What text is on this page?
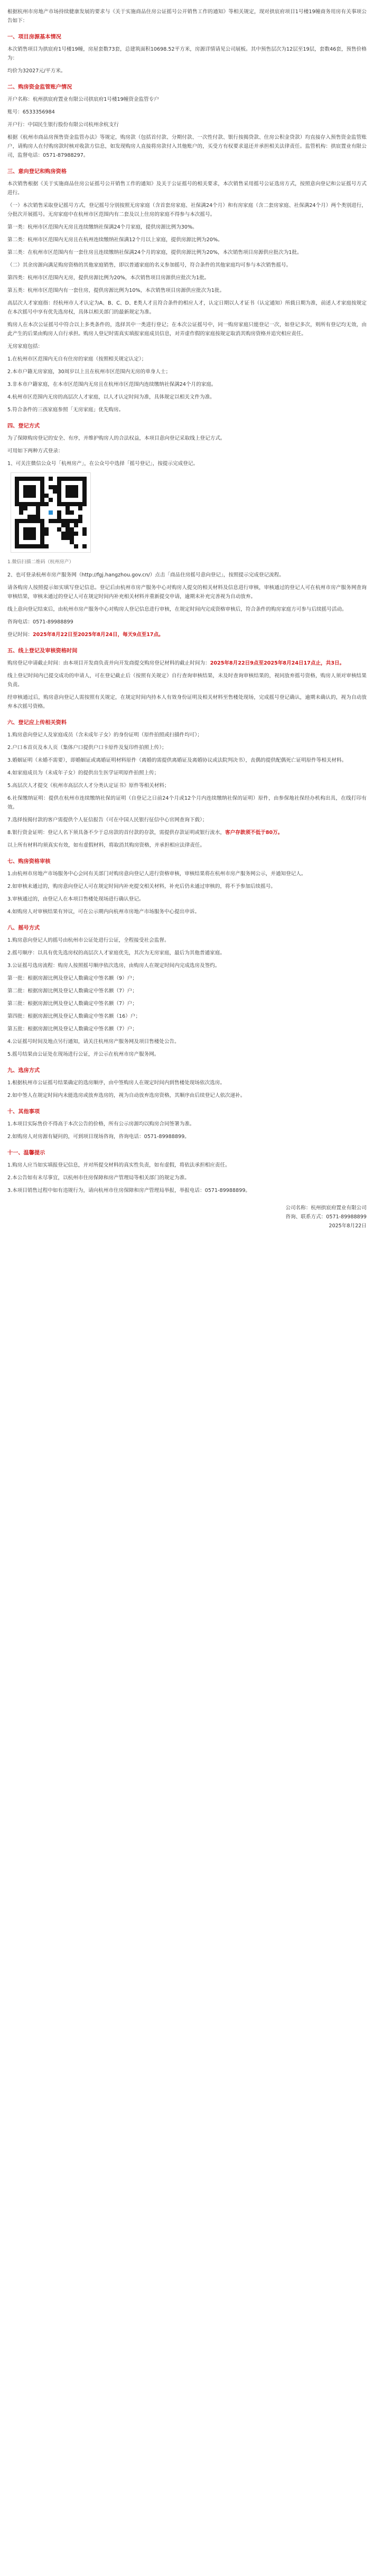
根据杭州市房地产市场持续健康发展的要求与《关于实施商品住房公证摇号公开销售工作的通知》等相关规定，现对拱宸府项目1号楼19幢商务用房有关事项公告如下：

一、项目房源基本情况

本次销售项目为拱宸府1号楼19幢，房屋套数73套，总建筑面积10698.52平方米，房源详情请见公司展板。其中预售层次为12层至19层，套数46套，预售价格为：

均价为32027元/平方米。

二、购房资金监管账户情况

开户名称：杭州拱宸府置业有限公司拱宸府1号楼19幢资金监管专户

账号：6533356984

开户行：中国民生银行股份有限公司杭州余杭支行

根据《杭州市商品房预售资金监管办法》等规定，购房款（包括首付款、分期付款、一次性付款、银行按揭贷款、住房公积金贷款）均直接存入预售资金监管账户，请购房人在付购房款时核对收款方信息，如发现购房人直接将房款付入其他账户的，买受方有权要求退还并承担相关法律责任。监管机构：拱宸置业有限公司，监督电话：0571-87988297。

三、意向登记和购房资格

本次销售根据《关于实施商品住房公证摇号公开销售工作的通知》及关于公证摇号的相关要求，本次销售采用摇号公证选房方式，按照意向登记和公证摇号方式进行。

（一）本次销售采取登记摇号方式，登记摇号分别按照无房家庭（含首套房家庭、社保满24个月）和有房家庭（含二套房家庭、社保满24个月）两个类别进行，分批次开展摇号。无房家庭中在杭州市区范围内有二套及以上住房的家庭不得参与本次摇号。

第一类：杭州市区范围内无房且连续缴纳社保满24个月家庭，提供房源比例为30%。

第二类：杭州市区范围内无房且在杭州连续缴纳社保满12个月以上家庭，提供房源比例为20%。

第三类：在杭州市区范围内有一套住房且连续缴纳社保满24个月的家庭，提供房源比例为20%，本次销售项目房源供应批次为1批。

（二）其余房源向满足购房资格的其他家庭销售，即以普通家庭的名义参加摇号，符合条件的其他家庭均可参与本次销售摇号。

第四类：杭州市区范围内无房，提供房源比例为20%，本次销售项目房源供应批次为1批。

第五类：杭州市区范围内有一套住房，提供房源比例为10%，本次销售项目房源供应批次为1批。

高层次人才家庭指：经杭州市人才认定为A、B、C、D、E类人才且符合条件的相应人才，认定日期以人才证书（认定通知）所载日期为准，前述人才家庭按规定在本次摇号中享有优先选房权，具体以相关部门的最新规定为准。

购房人在本次公证摇号中符合以上多类条件的，选择其中一类进行登记；在本次公证摇号中，同一购房家庭只能登记一次，如登记多次，则所有登记均无效，由此产生的后果由购房人自行承担。购房人登记时需真实填报家庭成员信息，对弄虚作假的家庭按规定取消其购房资格并追究相应责任。

无房家庭包括：

1.在杭州市区范围内无自有住房的家庭（按照相关规定认定）；

2.本市户籍无房家庭，30周岁以上且在杭州市区范围内无房的单身人士；

3.非本市户籍家庭，在本市区范围内无房且在杭州市区范围内连续缴纳社保满24个月的家庭。

4.杭州市区范围内无房的高层次人才家庭，以人才认定时间为准，具体规定以相关文件为准。

5.符合条件的三孩家庭参照「无房家庭」优先购房。

四、登记方式

为了保障购房登记的安全、有序，并维护购房人的合法权益，本项目意向登记采取线上登记方式。

可用如下两种方式登录：

1、可关注微信公众号「杭州房产」，在公众号中选择「摇号登记」，按提示完成登记。

1.微信扫描二维码（杭州房产）

2、也可登录杭州市房产服务网（http://fgj.hangzhou.gov.cn/）点击「商品住房摇号意向登记」，按照提示完成登记流程。

请各购房人按照提示如实填写登记信息。登记后由杭州市房产服务中心对购房人提交的相关材料及信息进行审核，审核通过的登记人可在杭州市房产服务网查询审核结果，审核未通过的登记人可在规定时间内补充相关材料并重新提交申请，逾期未补充完善视为自动放弃。

线上意向登记结束后，由杭州市房产服务中心对购房人登记信息进行审核，在规定时间内完成资格审核后，符合条件的购房家庭方可参与后续摇号活动。

咨询电话：0571-89988899

登记时间：2025年8月22日至2025年8月24日，每天9点至17点。

五、线上登记及审核资格时间

购房登记申请截止时间：由本项目开发商负责并向开发商提交购房登记材料的截止时间为：2025年8月22日9点至2025年8月24日17点止，共3日。

线上登记时间内已提交成功的申请人，可在登记截止后（按照有关规定）自行查询审核结果，未及时查询审核结果的，视同放弃摇号资格，购房人须对审核结果负责。

经审核通过后，购房意向登记人需按照有关规定，在规定时间内持本人有效身份证明及相关材料至售楼处现场，完成摇号登记确认，逾期未确认的，视为自动放弃本次摇号资格。

六、登记应上传相关资料

1.购房意向登记人及家庭成员（含未成年子女）的身份证明（原件拍照或扫描件均可）；

2.户口本首页及本人页（集体户口提供户口卡原件及复印件拍照上传）；

3.婚姻证明（未婚不需要），即婚姻证或离婚证明材料原件（离婚的需提供离婚证及离婚协议或法院判决书），丧偶的提供配偶死亡证明原件等相关材料。

4.如家庭成员为（未成年子女）的提供出生医学证明原件拍照上传；

5.高层次人才提交《杭州市高层次人才分类认定证书》原件等相关材料；

6.社保缴纳证明：提供在杭州市连续缴纳社保的证明（自登记之日前24个月或12个月内连续缴纳社保的证明）原件，由参保地社保经办机构出具，在线打印有效。

7.选择按揭付款的客户需提供个人征信报告（可在中国人民银行征信中心官网查询下载）；

8.银行资金证明：登记人名下须具备不少于总房款的首付款的存款，需提供存款证明或银行流水，客户存款须不低于80万。

以上所有材料均须真实有效，如有虚假材料，将取消其购房资格，并承担相应法律责任。

七、购房资格审核

1.由杭州市房地产市场服务中心会同有关部门对购房意向登记人进行资格审核，审核结果将在杭州市房产服务网公示，并通知登记人。

2.如审核未通过的，购房意向登记人可在规定时间内补充提交相关材料，补充后仍未通过审核的，将不予参加后续摇号。

3.审核通过的，由登记人在本项目售楼处现场进行确认登记。

4.如购房人对审核结果有异议，可在公示期内向杭州市房地产市场服务中心提出申诉。

八、摇号方式

1.购房意向登记人的摇号由杭州市公证处进行公证，全程接受社会监督。

2.摇号顺序：以具有优先选房权的高层次人才家庭优先，其次为无房家庭，最后为其他普通家庭。

3.公证摇号选房流程：购房人按照摇号顺序依次选房，由购房人在规定时间内完成选房及签约。

第一批：根据房源比例及登记人数确定中签名额（9）户；

第二批：根据房源比例及登记人数确定中签名额（7）户；

第三批：根据房源比例及登记人数确定中签名额（7）户；

第四批：根据房源比例及登记人数确定中签名额（16）户；

第五批：根据房源比例及登记人数确定中签名额（7）户；

4.公证摇号时间及地点另行通知，请关注杭州房产服务网及项目售楼处公告。

5.摇号结果由公证处在现场进行公证，并公示在杭州市房产服务网。

九、选房方式

1.根据杭州市公证摇号结果确定的选房顺序，由中签购房人在规定时间内到售楼处现场依次选房。

2.如中签人在规定时间内未能选房或放弃选房的，视为自动放弃选房资格，其顺序由后续登记人依次递补。

十、其他事项

1.本项目实际售价不得高于本次公告的价格，所有公示房源均以购房合同签署为准。

2.如购房人对房源有疑问的，可到项目现场咨询，咨询电话：0571-89988899。

十一、温馨提示

1.购房人应当如实填报登记信息，并对所提交材料的真实性负责，如有虚假，将依法承担相应责任。

2.本公告如有未尽事宜，以杭州市住房保障和房产管理局等相关部门的规定为准。

3.本项目销售过程中如有违规行为，请向杭州市住房保障和房产管理局举报，举报电话：0571-89988899。

公司名称：杭州拱宸府置业有限公司
咨询、联系方式：0571-89988899
2025年8月22日
